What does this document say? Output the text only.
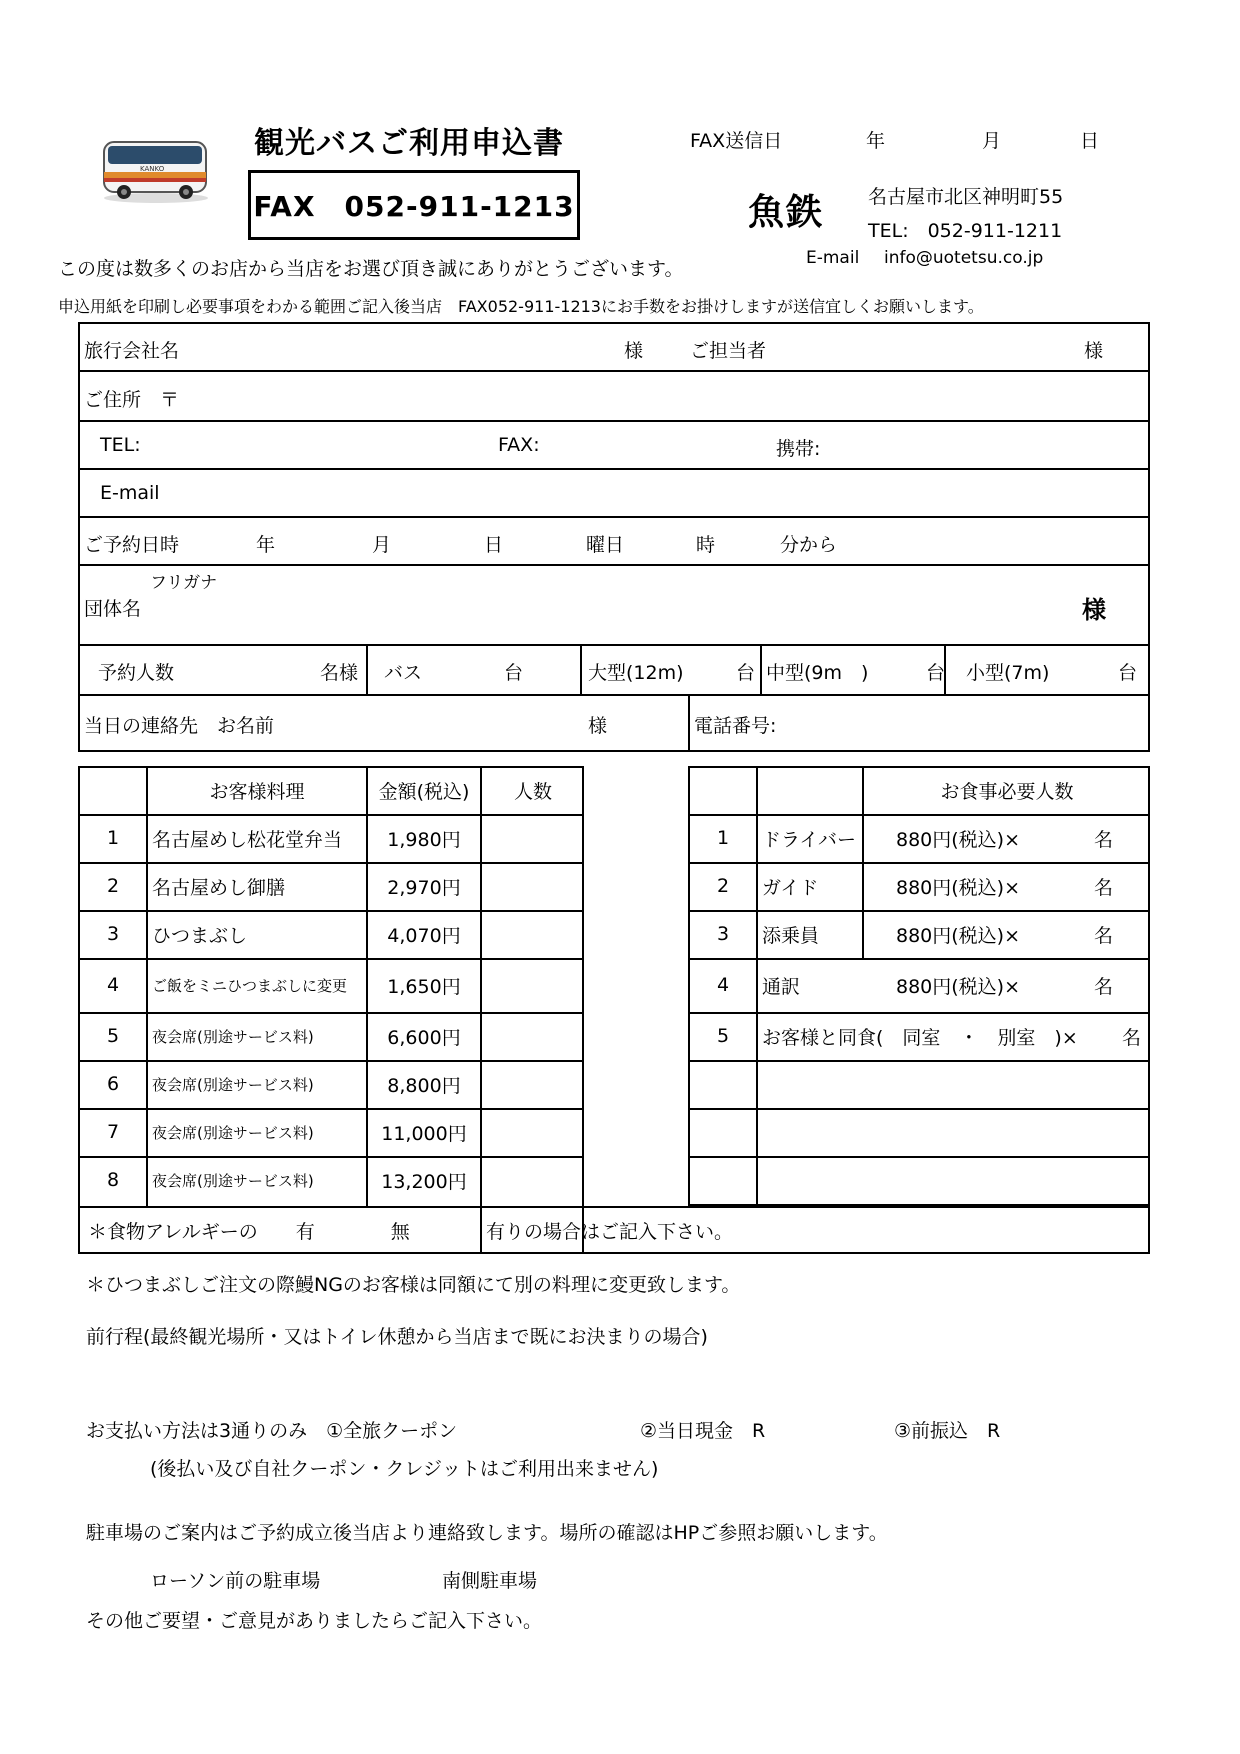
KANKO
観光バスご利用申込書
FAX　052-911-1213
FAX送信日	年	月	日
魚鉄 名古屋市北区神明町55
TEL:　052-911-1211
E-mail info@uotetsu.co.jp
この度は数多くのお店から当店をお選び頂き誠にありがとうございます。
申込用紙を印刷し必要事項をわかる範囲ご記入後当店　FAX052-911-1213にお手数をお掛けしますが送信宜しくお願いします。
旅行会社名	様 ご担当者	様
ご住所　〒
TEL:	FAX:	携帯:
E-mail
ご予約日時	年	月	日	曜日	時	分から
フリガナ
団体名	様
予約人数	名様 バス	台	大型(12m)	台 中型(9m　)	台 小型(7m)	台
当日の連絡先　お名前	様	電話番号:
お客様料理	金額(税込)	人数
1	名古屋めし松花堂弁当	1,980円
2	名古屋めし御膳	2,970円
3	ひつまぶし	4,070円
4	ご飯をミニひつまぶしに変更	1,650円
5	夜会席(別途サービス料)	6,600円
6	夜会席(別途サービス料)	8,800円
7	夜会席(別途サービス料)	11,000円
8	夜会席(別途サービス料)	13,200円
＊食物アレルギーの　　有　　　　無
お食事必要人数
1	ドライバー 880円(税込)×	名
2	ガイド	880円(税込)×	名
3	添乗員	880円(税込)×	名
4	通訳	880円(税込)×	名
5	お客様と同食(　同室　・　別室　)× 名
有りの場合はご記入下さい。
＊ひつまぶしご注文の際鰻NGのお客様は同額にて別の料理に変更致します。
前行程(最終観光場所・又はトイレ休憩から当店まで既にお決まりの場合)
お支払い方法は3通りのみ　①全旅クーポン	②当日現金　R	③前振込　R
(後払い及び自社クーポン・クレジットはご利用出来ません)
駐車場のご案内はご予約成立後当店より連絡致します。場所の確認はHPご参照お願いします。
ローソン前の駐車場	南側駐車場
その他ご要望・ご意見がありましたらご記入下さい。
